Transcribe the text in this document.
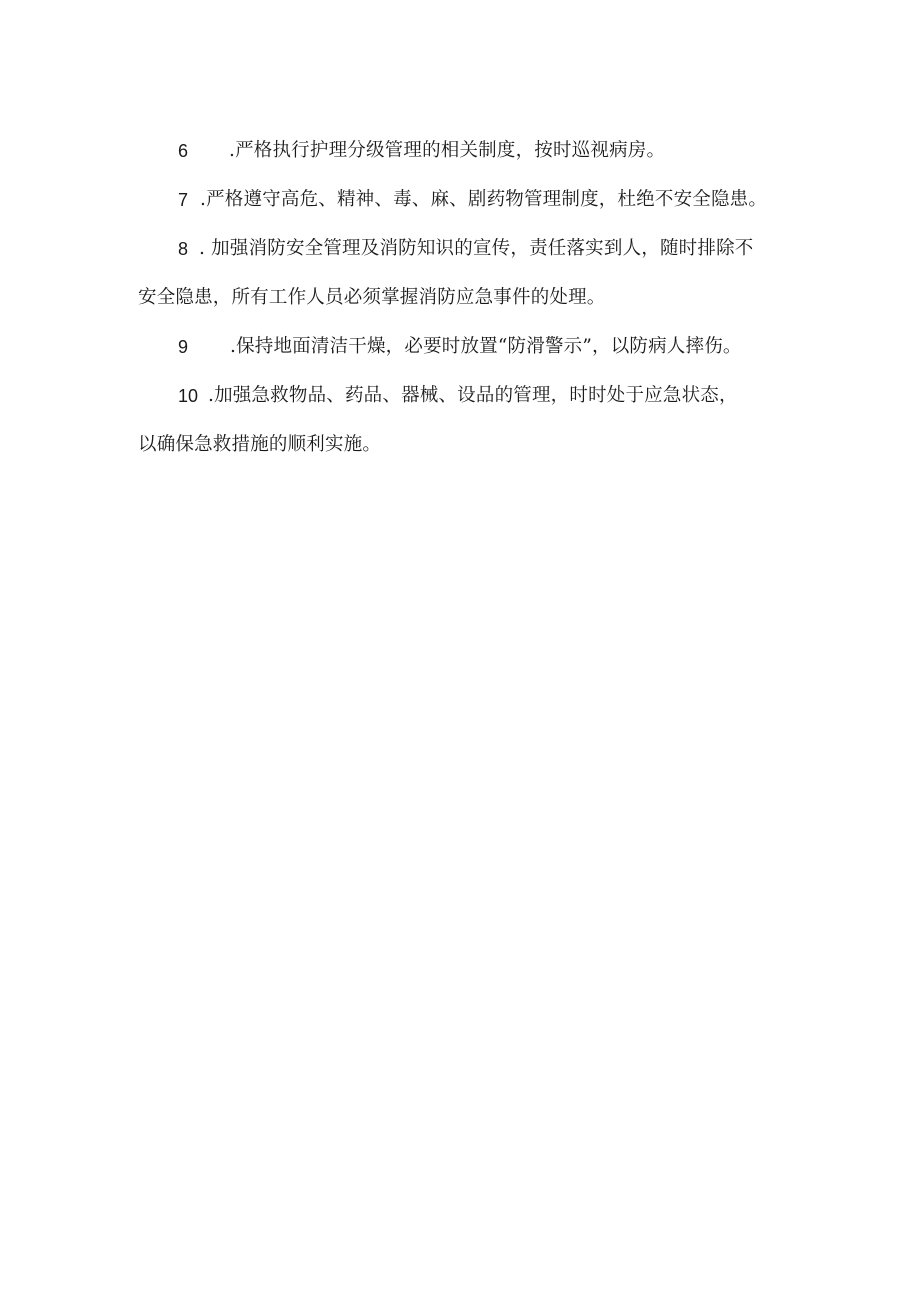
6 .严格执行护理分级管理的相关制度，按时巡视病房。
7 .严格遵守高危、精神、毒、麻、剧药物管理制度，杜绝不安全隐患。
8 . 加强消防安全管理及消防知识的宣传，责任落实到人，随时排除不
安全隐患，所有工作人员必须掌握消防应急事件的处理。
9 .保持地面清洁干燥，必要时放置“防滑警示”，以防病人摔伤。
10 .加强急救物品、药品、器械、设品的管理，时时处于应急状态，
以确保急救措施的顺利实施。
